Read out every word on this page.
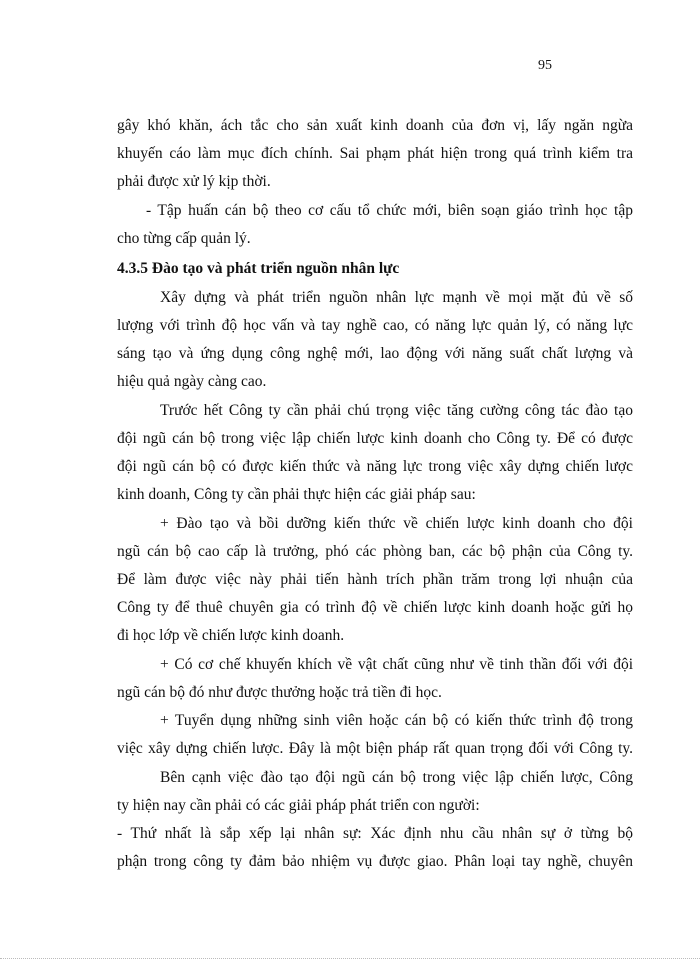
95
gây khó khăn, ách tắc cho sản xuất kinh doanh của đơn vị, lấy ngăn ngừa
khuyến cáo làm mục đích chính. Sai phạm phát hiện trong quá trình kiểm tra
phải được xử lý kịp thời.
- Tập huấn cán bộ theo cơ cấu tổ chức mới, biên soạn giáo trình học tập
cho từng cấp quản lý.
4.3.5 Đào tạo và phát triển nguồn nhân lực
Xây dựng và phát triển nguồn nhân lực mạnh về mọi mặt đủ về số
lượng với trình độ học vấn và tay nghề cao, có năng lực quản lý, có năng lực
sáng tạo và ứng dụng công nghệ mới, lao động với năng suất chất lượng và
hiệu quả ngày càng cao.
Trước hết Công ty cần phải chú trọng việc tăng cường công tác đào tạo
đội ngũ cán bộ trong việc lập chiến lược kinh doanh cho Công ty. Để có được
đội ngũ cán bộ có được kiến thức và năng lực trong việc xây dựng chiến lược
kinh doanh, Công ty cần phải thực hiện các giải pháp sau:
+ Đào tạo và bồi dưỡng kiến thức về chiến lược kinh doanh cho đội
ngũ cán bộ cao cấp là trưởng, phó các phòng ban, các bộ phận của Công ty.
Để làm được việc này phải tiến hành trích phần trăm trong lợi nhuận của
Công ty để thuê chuyên gia có trình độ về chiến lược kinh doanh hoặc gửi họ
đi học lớp về chiến lược kinh doanh.
+ Có cơ chế khuyến khích về vật chất cũng như về tinh thần đối với đội
ngũ cán bộ đó như được thưởng hoặc trả tiền đi học.
+ Tuyển dụng những sinh viên hoặc cán bộ có kiến thức trình độ trong
việc xây dựng chiến lược. Đây là một biện pháp rất quan trọng đối với Công ty.
Bên cạnh việc đào tạo đội ngũ cán bộ trong việc lập chiến lược, Công
ty hiện nay cần phải có các giải pháp phát triển con người:
- Thứ nhất là sắp xếp lại nhân sự: Xác định nhu cầu nhân sự ở từng bộ
phận trong công ty đảm bảo nhiệm vụ được giao. Phân loại tay nghề, chuyên
